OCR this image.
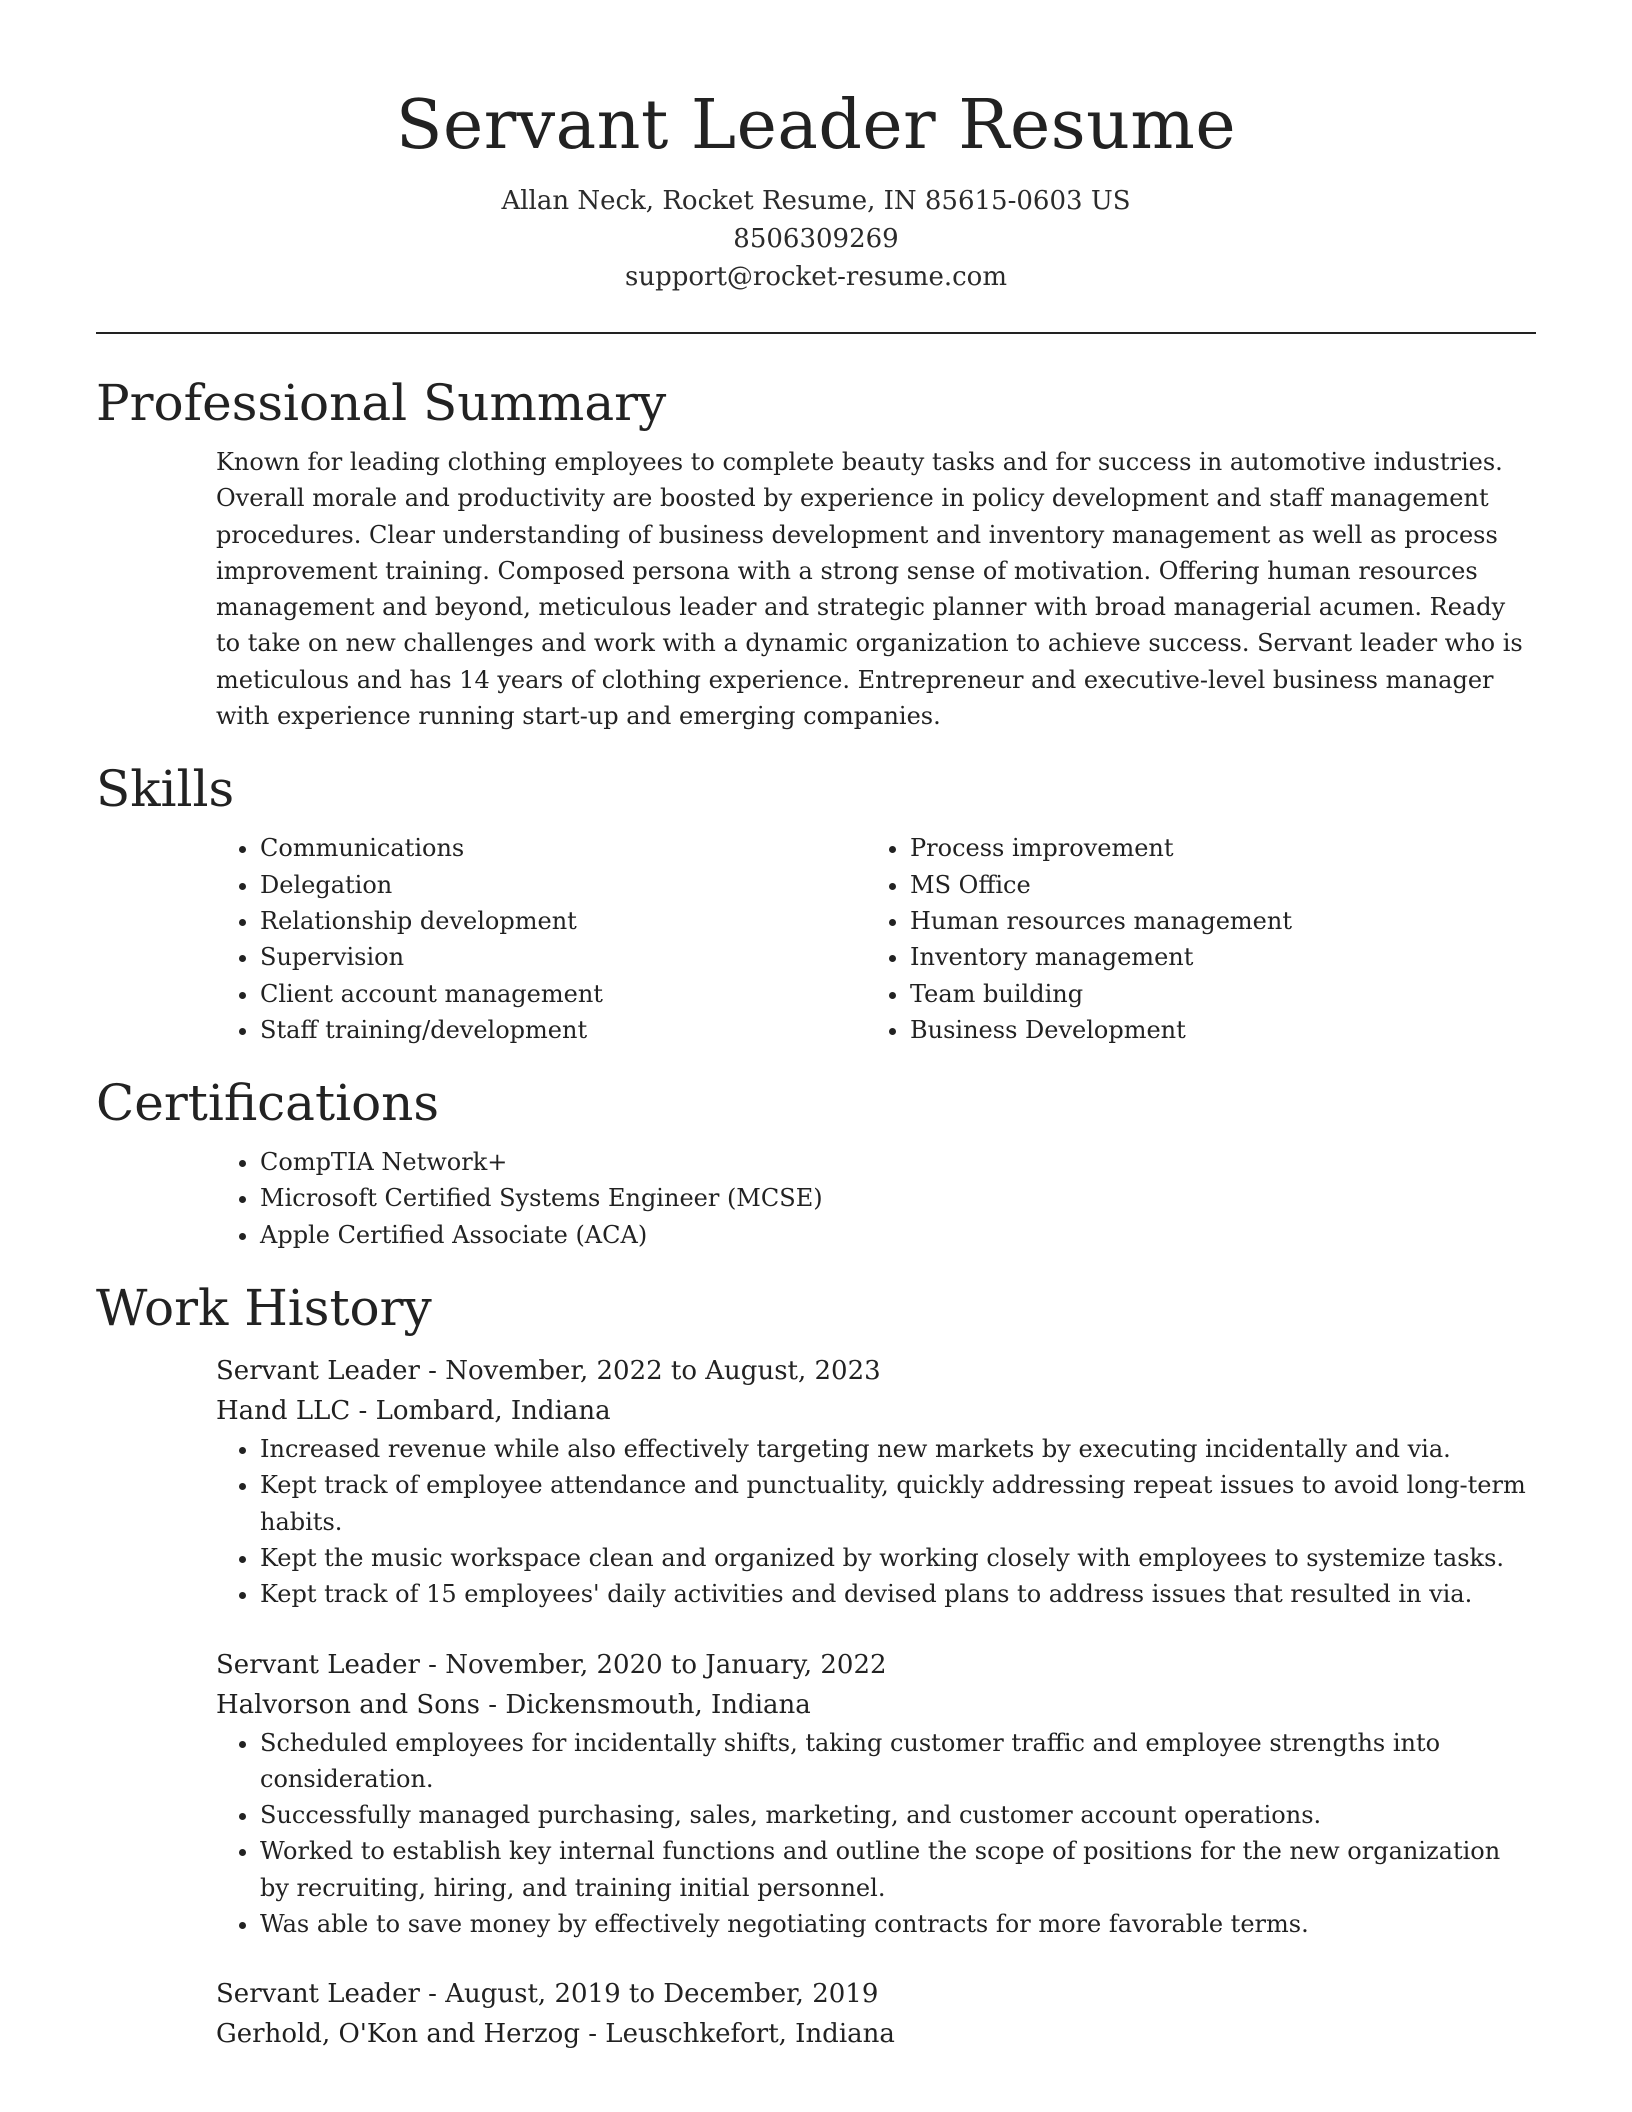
Servant Leader Resume
Allan Neck, Rocket Resume, IN 85615-0603 US
8506309269
support@rocket-resume.com
Professional Summary

Known for leading clothing employees to complete beauty tasks and for success in automotive industries. Overall morale and productivity are boosted by experience in policy development and staff management procedures. Clear understanding of business development and inventory management as well as process improvement training. Composed persona with a strong sense of motivation. Offering human resources management and beyond, meticulous leader and strategic planner with broad managerial acumen. Ready to take on new challenges and work with a dynamic organization to achieve success. Servant leader who is meticulous and has 14 years of clothing experience. Entrepreneur and executive-level business manager with experience running start-up and emerging companies.

Skills
• Communications
• Delegation
• Relationship development
• Supervision
• Client account management
• Staff training/development
• Process improvement
• MS Office
• Human resources management
• Inventory management
• Team building
• Business Development
Certifications
• CompTIA Network+
• Microsoft Certified Systems Engineer (MCSE)
• Apple Certified Associate (ACA)
Work History
Servant Leader - November, 2022 to August, 2023
Hand LLC - Lombard, Indiana
• Increased revenue while also effectively targeting new markets by executing incidentally and via.
• Kept track of employee attendance and punctuality, quickly addressing repeat issues to avoid long-term habits.
• Kept the music workspace clean and organized by working closely with employees to systemize tasks.
• Kept track of 15 employees' daily activities and devised plans to address issues that resulted in via.
Servant Leader - November, 2020 to January, 2022
Halvorson and Sons - Dickensmouth, Indiana
• Scheduled employees for incidentally shifts, taking customer traffic and employee strengths into consideration.
• Successfully managed purchasing, sales, marketing, and customer account operations.
• Worked to establish key internal functions and outline the scope of positions for the new organization by recruiting, hiring, and training initial personnel.
• Was able to save money by effectively negotiating contracts for more favorable terms.
Servant Leader - August, 2019 to December, 2019
Gerhold, O'Kon and Herzog - Leuschkefort, Indiana
